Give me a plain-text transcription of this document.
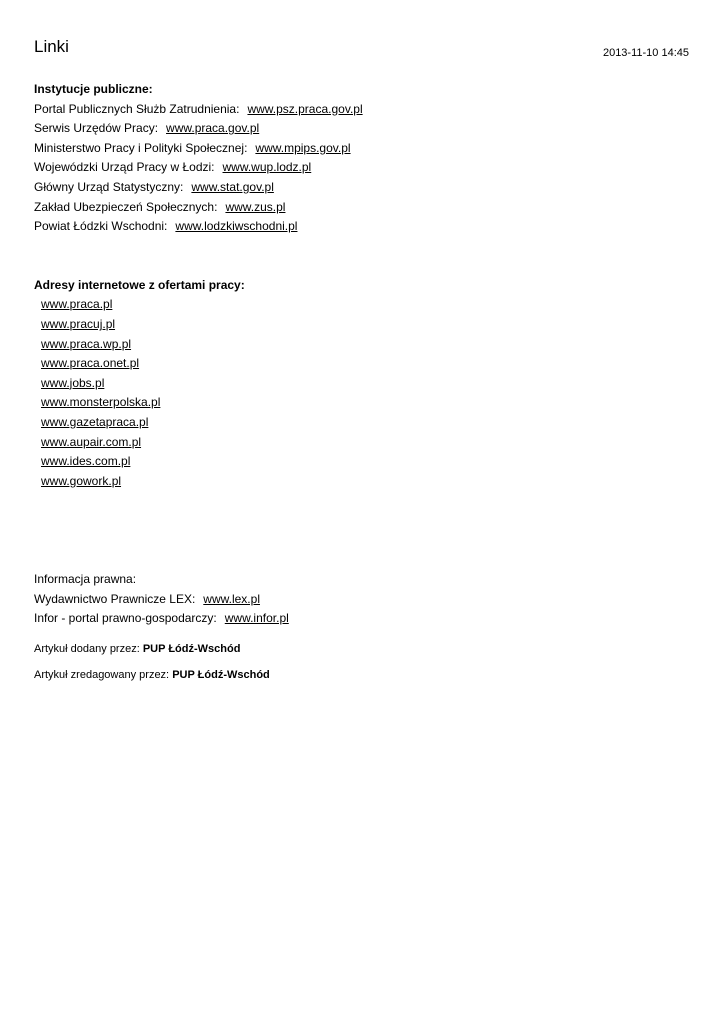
Linki	2013-11-10 14:45
Instytucje publiczne:
Portal Publicznych Służb Zatrudnienia: www.psz.praca.gov.pl
Serwis Urzędów Pracy: www.praca.gov.pl
Ministerstwo Pracy i Polityki Społecznej: www.mpips.gov.pl
Wojewódzki Urząd Pracy w Łodzi: www.wup.lodz.pl
Główny Urząd Statystyczny: www.stat.gov.pl
Zakład Ubezpieczeń Społecznych: www.zus.pl
Powiat Łódzki Wschodni: www.lodzkiwschodni.pl
Adresy internetowe z ofertami pracy:
www.praca.pl
www.pracuj.pl
www.praca.wp.pl
www.praca.onet.pl
www.jobs.pl
www.monsterpolska.pl
www.gazetapraca.pl
www.aupair.com.pl
www.ides.com.pl
www.gowork.pl
Informacja prawna:
Wydawnictwo Prawnicze LEX: www.lex.pl
Infor - portal prawno-gospodarczy: www.infor.pl
Artykuł dodany przez: PUP Łódź-Wschód
Artykuł zredagowany przez: PUP Łódź-Wschód
